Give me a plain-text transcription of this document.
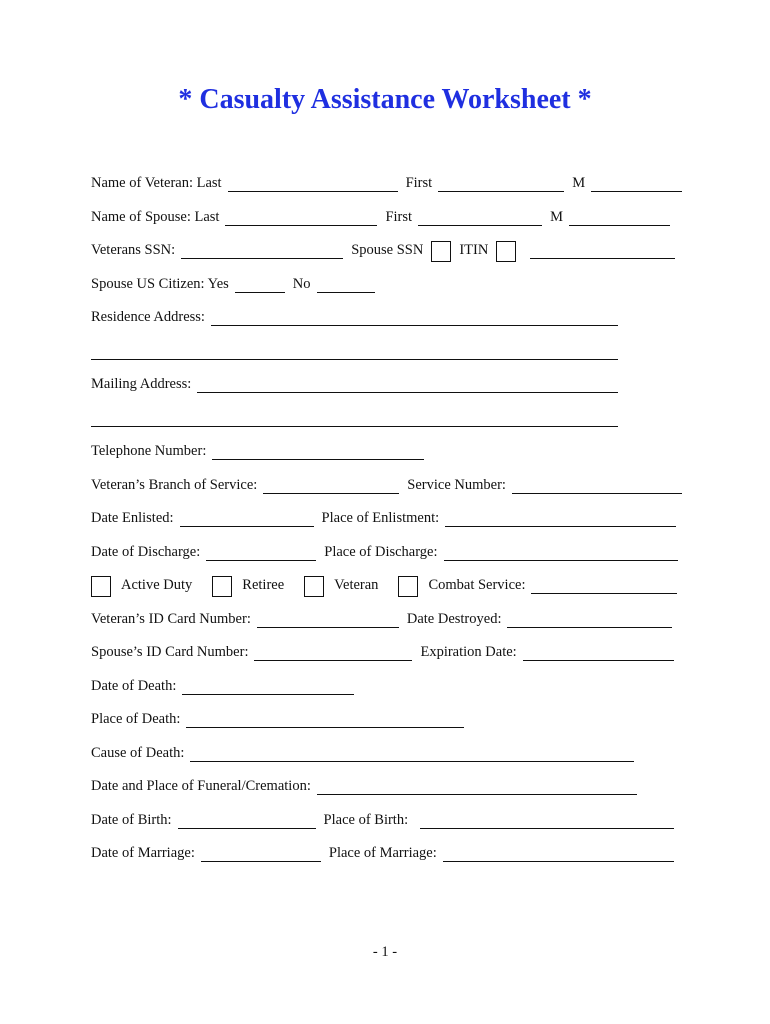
* Casualty Assistance Worksheet *
Name of Veteran: Last	First	M
Name of Spouse: Last	First	M
Veterans SSN:	Spouse SSN ITIN
Spouse US Citizen: Yes	No
Residence Address:
Mailing Address:
Telephone Number:
Veteran’s Branch of Service:	Service Number:
Date Enlisted:	Place of Enlistment:
Date of Discharge:	Place of Discharge:
Active Duty	Retiree	Veteran	Combat Service:
Veteran’s ID Card Number:	Date Destroyed:
Spouse’s ID Card Number:	Expiration Date:
Date of Death:
Place of Death:
Cause of Death:
Date and Place of Funeral/Cremation:
Date of Birth:	Place of Birth:
Date of Marriage:	Place of Marriage:
- 1 -
